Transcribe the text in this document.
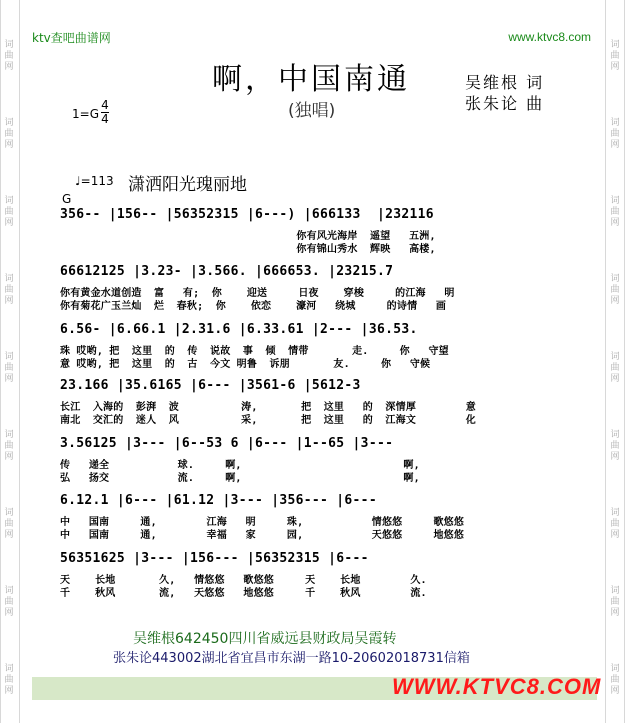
词
曲
网
词
曲
网
词
曲
网
词
曲
网
词
曲
网
词
曲
网
词
曲
网
词
曲
网
词
曲
网
词
曲
网
词
曲
网
词
曲
网
词
曲
网
词
曲
网
词
曲
网
词
曲
网
词
曲
网
词
曲
网
ktv查吧曲谱网	www.ktvc8.com
啊，中国南通
(独唱)
吴维根 词
张朱论 曲
1=G
4
4
♩=113 潇洒阳光瑰丽地
G
356-- |156-- |56352315 |6---) |666133  |232116
你有风光海岸  遥望   五洲,
你有锦山秀水  辉映   高楼,
66612125 |3.23- |3.566. |666653. |23215.7
你有黄金水道创造  富   有;  你    迎送     日夜    穿梭     的江海   明
你有菊花广玉兰灿  烂  春秋;  你    依恋    濠河   绕城     的诗情   画
6.56- |6.66.1 |2.31.6 |6.33.61 |2--- |36.53.
珠 哎哟, 把  这里  的  传  说故  事  倾  情带       走.     你   守望
意 哎哟, 把  这里  的  古  今文 明鲁  诉朋       友.     你   守候
23.166 |35.6165 |6--- |3561-6 |5612-3
长江  入海的  彭湃  波          涛,       把  这里   的  深情厚        意
南北  交汇的  迷人  风          采,       把  这里   的  江海文        化
3.56125 |3--- |6--53 6 |6--- |1--65 |3---
传   递全           球.     啊,                          啊,
弘   扬交           流.     啊,                          啊,
6.12.1 |6--- |61.12 |3--- |356--- |6---
中   国南     通,        江海   明     珠,           情悠悠     歌悠悠
中   国南     通,        幸福   家     园,           天悠悠     地悠悠
56351625 |3--- |156--- |56352315 |6---
天    长地       久,   情悠悠   歌悠悠     天    长地        久.
千    秋风       流,   天悠悠   地悠悠     千    秋风        流.
吴维根642450四川省威远县财政局吴霞转
张朱论443002湖北省宜昌市东湖一路10-20602018731信箱
WWW.KTVC8.COM
